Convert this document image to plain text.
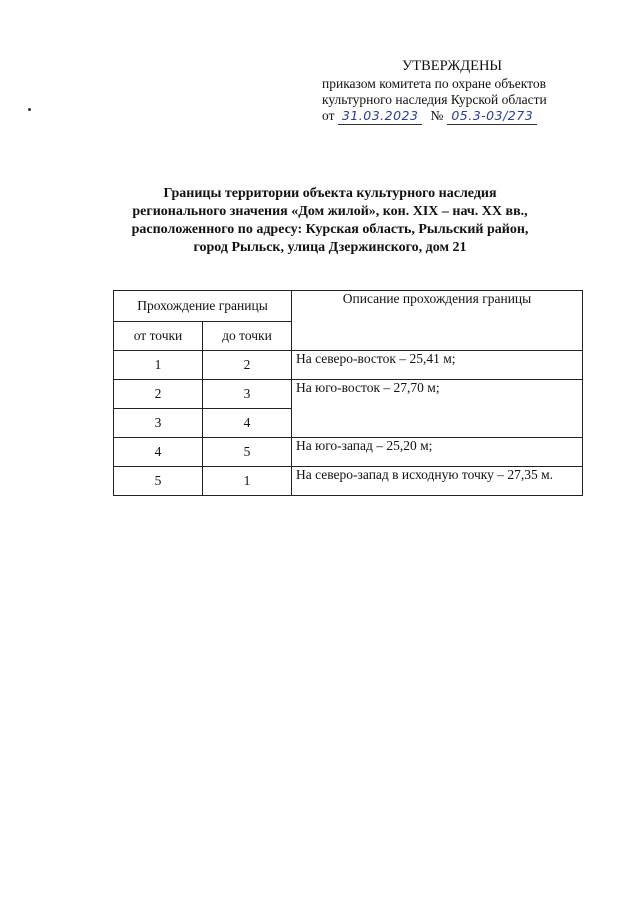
УТВЕРЖДЕНЫ
приказом комитета по охране объектов
культурного наследия Курской области
от
31.03.2023 № 05.3-03/273
Границы территории объекта культурного наследия
регионального значения «Дом жилой», кон. XIX – нач. XX вв.,
расположенного по адресу: Курская область, Рыльский район,
город Рыльск, улица Дзержинского, дом 21
Прохождение границы		Описание прохождения границы
от точки	до точки	
1	2	На северо-восток – 25,41 м;
2	3	На юго-восток – 27,70 м;
3	4	
4	5	На юго-запад – 25,20 м;
5	1	На северо-запад в исходную точку – 27,35 м.
